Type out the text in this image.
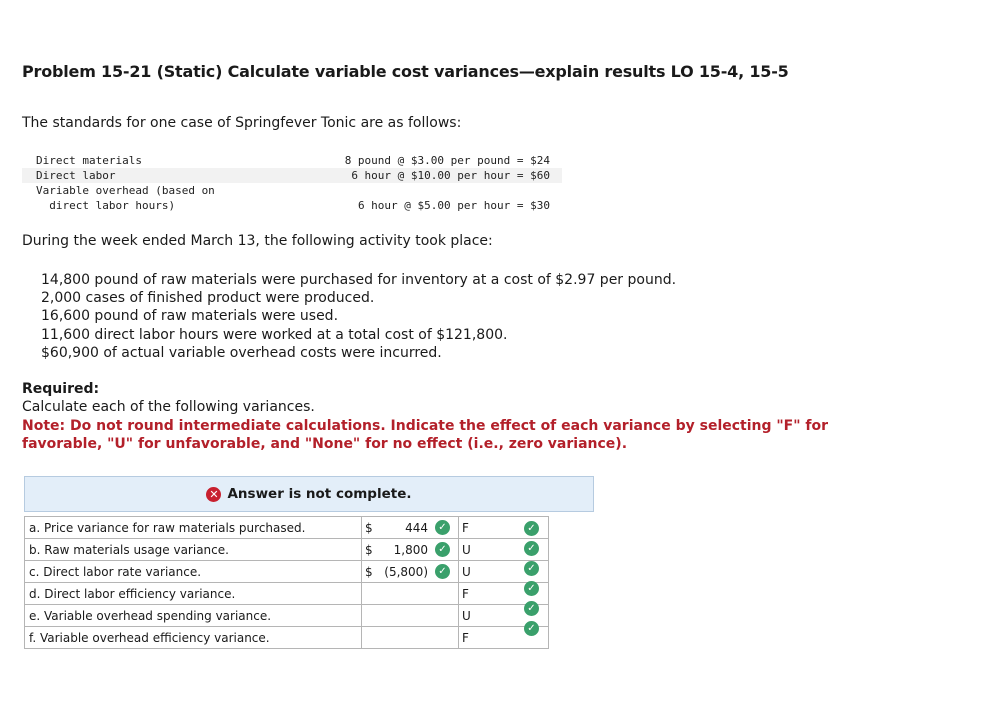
Problem 15-21 (Static) Calculate variable cost variances—explain results LO 15-4, 15-5
The standards for one case of Springfever Tonic are as follows:
Direct materials	8 pound @ $3.00 per pound = $24
Direct labor	6 hour @ $10.00 per hour = $60
Variable overhead (based on
direct labor hours)	6 hour @ $5.00 per hour = $30
During the week ended March 13, the following activity took place:
14,800 pound of raw materials were purchased for inventory at a cost of $2.97 per pound.
2,000 cases of finished product were produced.
16,600 pound of raw materials were used.
11,600 direct labor hours were worked at a total cost of $121,800.
$60,900 of actual variable overhead costs were incurred.
Required:
Calculate each of the following variances.
Note: Do not round intermediate calculations. Indicate the effect of each variance by selecting "F" for favorable, "U" for unfavorable, and "None" for no effect (i.e., zero variance).
✕ Answer is not complete.
a. Price variance for raw materials purchased.	$ 444 ✓	F
b. Raw materials usage variance.	$ 1,800 ✓	U
c. Direct labor rate variance.	$ (5,800) ✓	U
d. Direct labor efficiency variance.		F
e. Variable overhead spending variance.		U
f. Variable overhead efficiency variance.		F
✓
✓
✓
✓
✓
✓
